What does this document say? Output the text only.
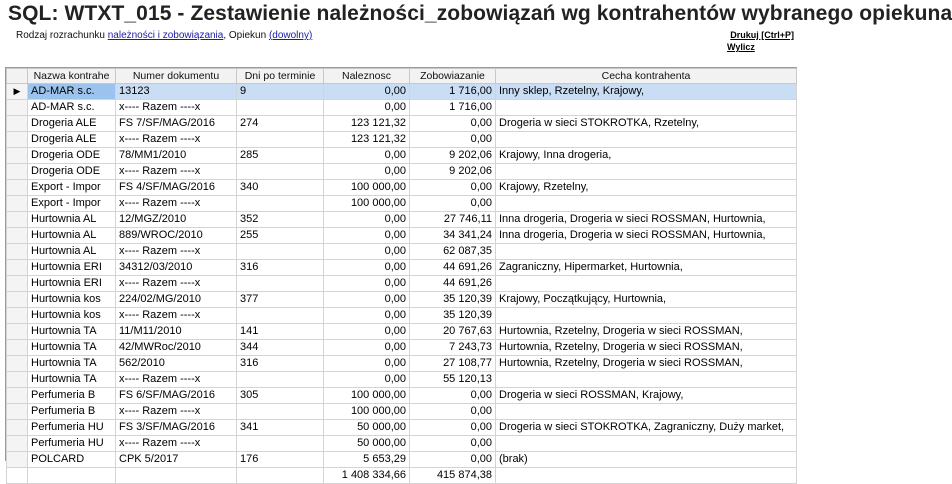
SQL: WTXT_015 - Zestawienie należności_zobowiązań wg kontrahentów wybranego opiekuna
Rodzaj rozrachunku należności i zobowiązania, Opiekun (dowolny)	Drukuj [Ctrl+P]
Wylicz
	Nazwa kontrahe	Numer dokumentu	Dni po terminie	Naleznosc	Zobowiazanie	Cecha kontrahenta
▶	AD-MAR s.c.	13123	9	0,00	1 716,00	Inny sklep, Rzetelny, Krajowy,
	AD-MAR s.c.	x---- Razem ----x		0,00	1 716,00	
	Drogeria ALE	FS 7/SF/MAG/2016	274	123 121,32	0,00	Drogeria w sieci STOKROTKA, Rzetelny,
	Drogeria ALE	x---- Razem ----x		123 121,32	0,00	
	Drogeria ODE	78/MM1/2010	285	0,00	9 202,06	Krajowy, Inna drogeria,
	Drogeria ODE	x---- Razem ----x		0,00	9 202,06	
	Export - Impor	FS 4/SF/MAG/2016	340	100 000,00	0,00	Krajowy, Rzetelny,
	Export - Impor	x---- Razem ----x		100 000,00	0,00	
	Hurtownia AL	12/MGZ/2010	352	0,00	27 746,11	Inna drogeria, Drogeria w sieci ROSSMAN, Hurtownia,
	Hurtownia AL	889/WROC/2010	255	0,00	34 341,24	Inna drogeria, Drogeria w sieci ROSSMAN, Hurtownia,
	Hurtownia AL	x---- Razem ----x		0,00	62 087,35	
	Hurtownia ERI	34312/03/2010	316	0,00	44 691,26	Zagraniczny, Hipermarket, Hurtownia,
	Hurtownia ERI	x---- Razem ----x		0,00	44 691,26	
	Hurtownia kos	224/02/MG/2010	377	0,00	35 120,39	Krajowy, Początkujący, Hurtownia,
	Hurtownia kos	x---- Razem ----x		0,00	35 120,39	
	Hurtownia TA	11/M11/2010	141	0,00	20 767,63	Hurtownia, Rzetelny, Drogeria w sieci ROSSMAN,
	Hurtownia TA	42/MWRoc/2010	344	0,00	7 243,73	Hurtownia, Rzetelny, Drogeria w sieci ROSSMAN,
	Hurtownia TA	562/2010	316	0,00	27 108,77	Hurtownia, Rzetelny, Drogeria w sieci ROSSMAN,
	Hurtownia TA	x---- Razem ----x		0,00	55 120,13	
	Perfumeria B	FS 6/SF/MAG/2016	305	100 000,00	0,00	Drogeria w sieci ROSSMAN, Krajowy,
	Perfumeria B	x---- Razem ----x		100 000,00	0,00	
	Perfumeria HU	FS 3/SF/MAG/2016	341	50 000,00	0,00	Drogeria w sieci STOKROTKA, Zagraniczny, Duży market,
	Perfumeria HU	x---- Razem ----x		50 000,00	0,00	
	POLCARD	CPK 5/2017	176	5 653,29	0,00	(brak)
				1 408 334,66	415 874,38	
